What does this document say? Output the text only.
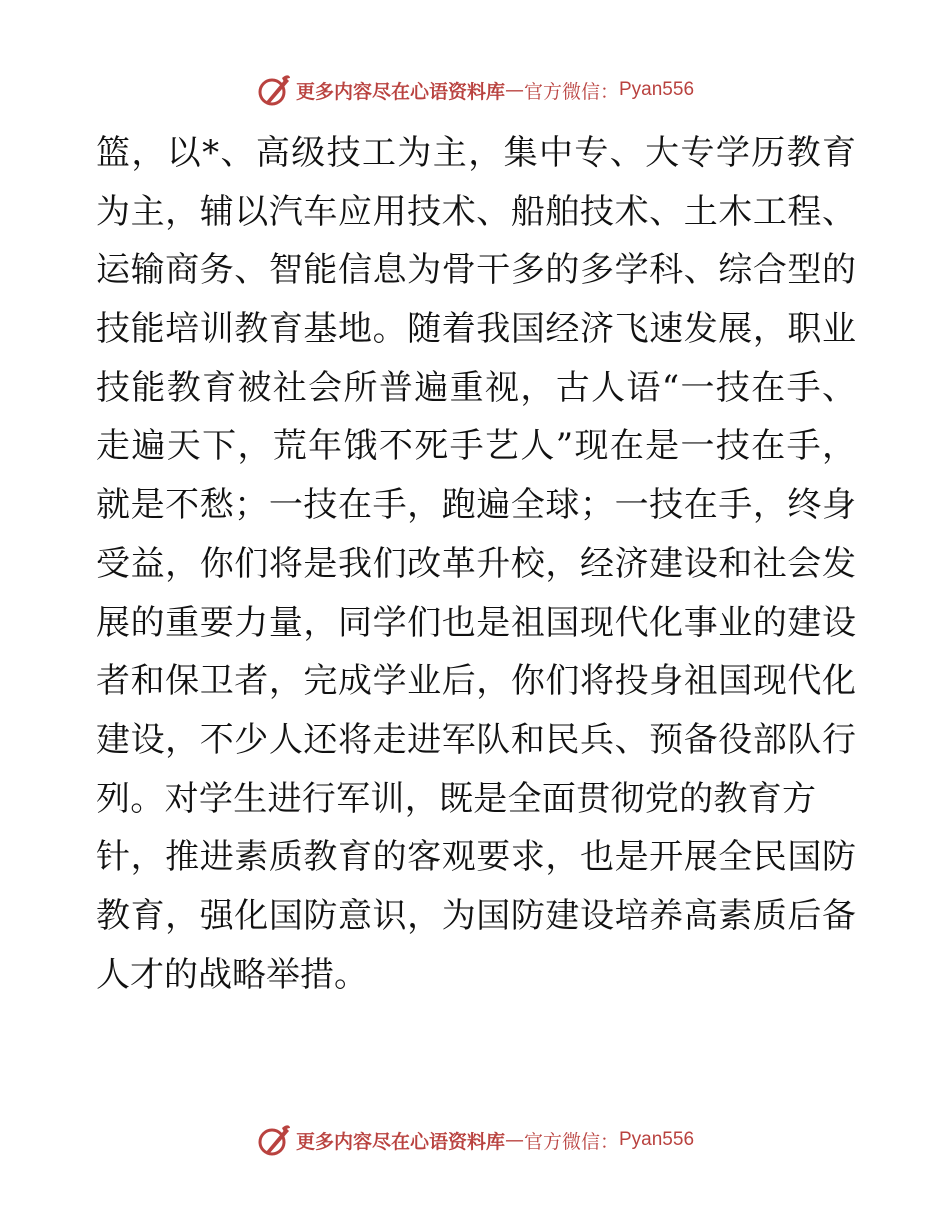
更多内容尽在心语资料库 — 官方微信： Pyan556
篮，以*、高级技工为主，集中专、大专学历教育
为主，辅以汽车应用技术、船舶技术、土木工程、
运输商务、智能信息为骨干多的多学科、综合型的
技能培训教育基地。随着我国经济飞速发展，职业
技能教育被社会所普遍重视，古人语“一技在手、
走遍天下，荒年饿不死手艺人”现在是一技在手，
就是不愁；一技在手，跑遍全球；一技在手，终身
受益，你们将是我们改革升校，经济建设和社会发
展的重要力量，同学们也是祖国现代化事业的建设
者和保卫者，完成学业后，你们将投身祖国现代化
建设，不少人还将走进军队和民兵、预备役部队行
列。对学生进行军训，既是全面贯彻党的教育方
针，推进素质教育的客观要求，也是开展全民国防
教育，强化国防意识，为国防建设培养高素质后备
人才的战略举措。
更多内容尽在心语资料库 — 官方微信： Pyan556
